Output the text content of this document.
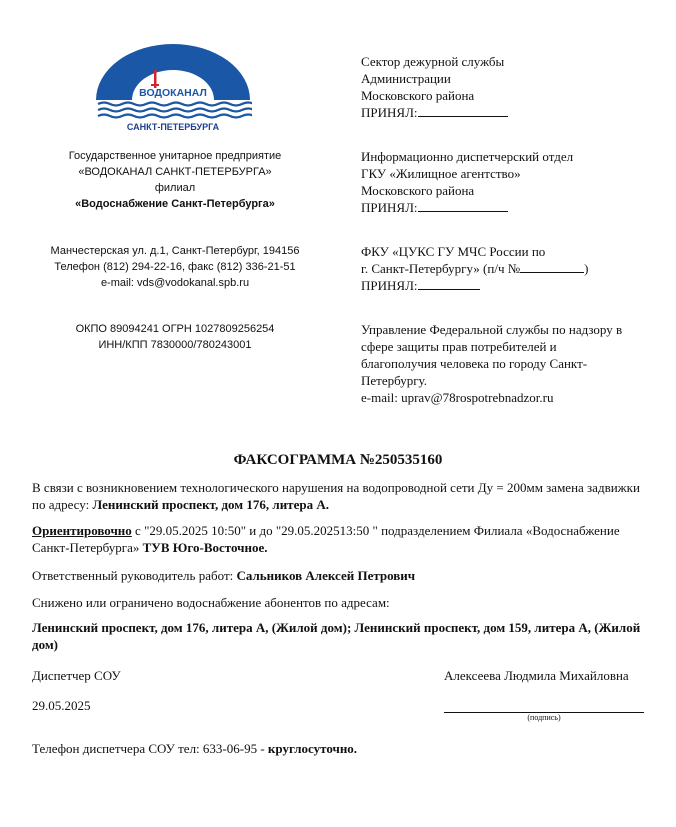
ВОДОКАНАЛ
САНКТ-ПЕТЕРБУРГА
Государственное унитарное предприятие
«ВОДОКАНАЛ САНКТ-ПЕТЕРБУРГА»
филиал
«Водоснабжение Санкт-Петербурга»
Манчестерская ул. д.1, Санкт-Петербург, 194156
Телефон (812) 294-22-16, факс (812) 336-21-51
e-mail: vds@vodokanal.spb.ru
ОКПО 89094241 ОГРН 1027809256254
ИНН/КПП 7830000/780243001
Сектор дежурной службы
Администрации
Московского района
ПРИНЯЛ:
Информационно диспетчерский отдел
ГКУ «Жилищное агентство»
Московского района
ПРИНЯЛ:
ФКУ «ЦУКС ГУ МЧС России по
г. Санкт-Петербургу» (п/ч №	)
ПРИНЯЛ:
Управление Федеральной службы по надзору в
сфере защиты прав потребителей и
благополучия человека по городу Санкт-
Петербургу.
e-mail: uprav@78rospotrebnadzor.ru
ФАКСОГРАММА №250535160
В связи с возникновением технологического нарушения на водопроводной сети Ду = 200мм замена задвижки по адресу: Ленинский проспект, дом 176, литера А.
Ориентировочно с "29.05.2025 10:50" и до "29.05.202513:50 " подразделением Филиала «Водоснабжение Санкт-Петербурга» ТУВ Юго-Восточное.
Ответственный руководитель работ: Сальников Алексей Петрович
Снижено или ограничено водоснабжение абонентов по адресам:
Ленинский проспект, дом 176, литера А, (Жилой дом); Ленинский проспект, дом 159, литера А, (Жилой дом)
Диспетчер СОУ	Алексеева Людмила Михайловна
29.05.2025
(подпись)
Телефон диспетчера СОУ тел: 633-06-95 - круглосуточно.
